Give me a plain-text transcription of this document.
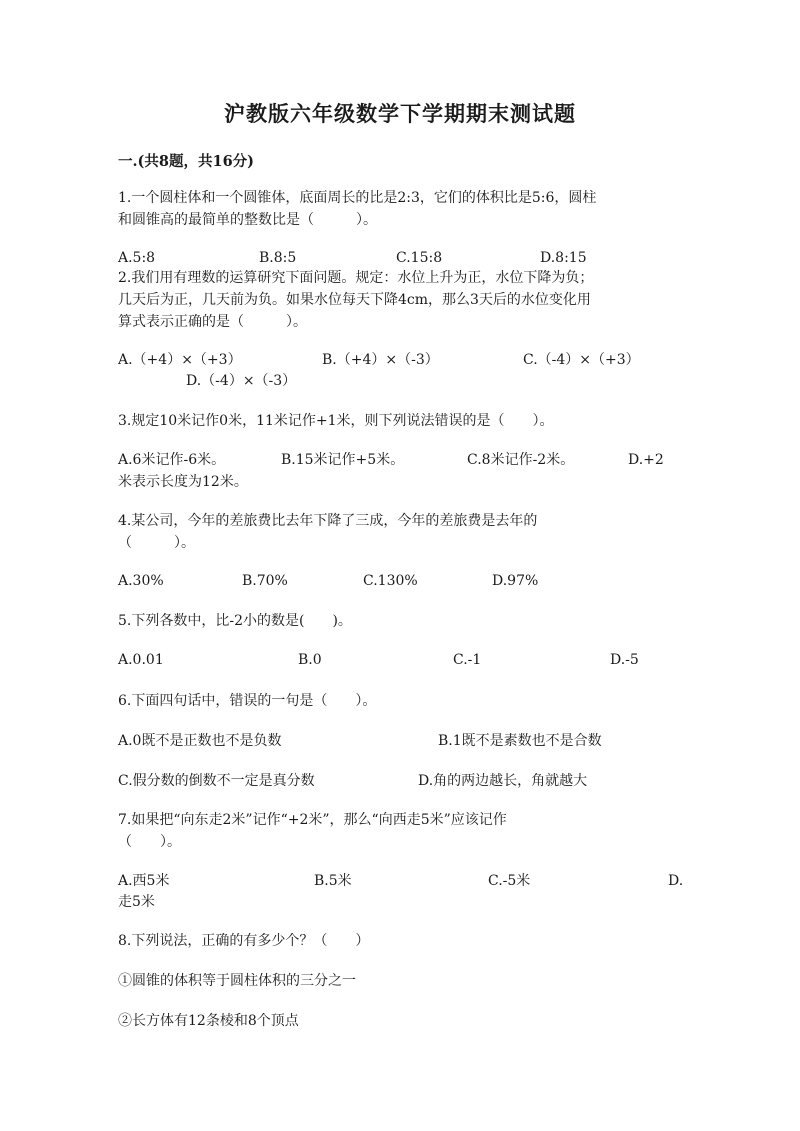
沪教版六年级数学下学期期末测试题
一.(共8题，共16分)
1.一个圆柱体和一个圆锥体，底面周长的比是2:3，它们的体积比是5:6，圆柱
和圆锥高的最简单的整数比是（　　　）。
A.5:8	B.8:5	C.15:8	D.8:15
2.我们用有理数的运算研究下面问题。规定：水位上升为正，水位下降为负；
几天后为正，几天前为负。如果水位每天下降4cm，那么3天后的水位变化用
算式表示正确的是（　　　）。
A.（+4）×（+3）	B.（+4）×（-3）	C.（-4）×（+3）
D.（-4）×（-3）
3.规定10米记作0米，11米记作+1米，则下列说法错误的是（　　）。
A.6米记作-6米。	B.15米记作+5米。	C.8米记作-2米。	D.+2
米表示长度为12米。
4.某公司，今年的差旅费比去年下降了三成，今年的差旅费是去年的
（　　　）。
A.30%	B.70%	C.130%	D.97%
5.下列各数中，比-2小的数是(　　)。
A.0.01	B.0	C.-1	D.-5
6.下面四句话中，错误的一句是（　　）。
A.0既不是正数也不是负数	B.1既不是素数也不是合数
C.假分数的倒数不一定是真分数	D.角的两边越长，角就越大
7.如果把“向东走2米”记作“+2米”，那么“向西走5米”应该记作
（　　）。
A.西5米	B.5米	C.-5米	D.
走5米
8.下列说法，正确的有多少个？（　　）
①圆锥的体积等于圆柱体积的三分之一
②长方体有12条棱和8个顶点
